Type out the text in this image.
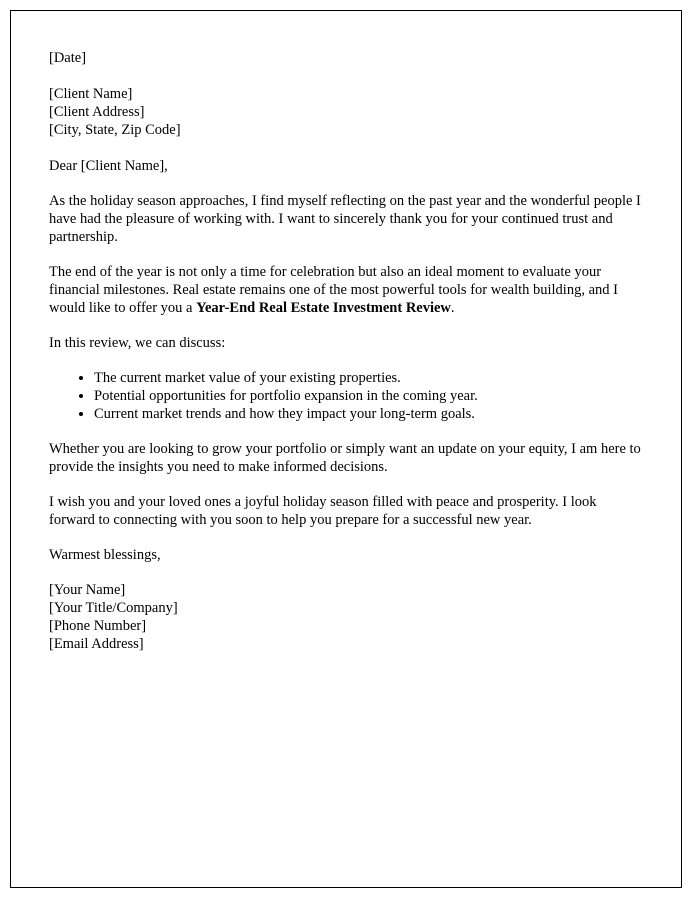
[Date]
[Client Name]
[Client Address]
[City, State, Zip Code]

Dear [Client Name],

As the holiday season approaches, I find myself reflecting on the past year and the wonderful people I have had the pleasure of working with. I want to sincerely thank you for your continued trust and partnership.

The end of the year is not only a time for celebration but also an ideal moment to evaluate your financial milestones. Real estate remains one of the most powerful tools for wealth building, and I would like to offer you a Year-End Real Estate Investment Review.

In this review, we can discuss:

• The current market value of your existing properties.
• Potential opportunities for portfolio expansion in the coming year.
• Current market trends and how they impact your long-term goals.

Whether you are looking to grow your portfolio or simply want an update on your equity, I am here to provide the insights you need to make informed decisions.

I wish you and your loved ones a joyful holiday season filled with peace and prosperity. I look forward to connecting with you soon to help you prepare for a successful new year.

Warmest blessings,

[Your Name]
[Your Title/Company]
[Phone Number]
[Email Address]
